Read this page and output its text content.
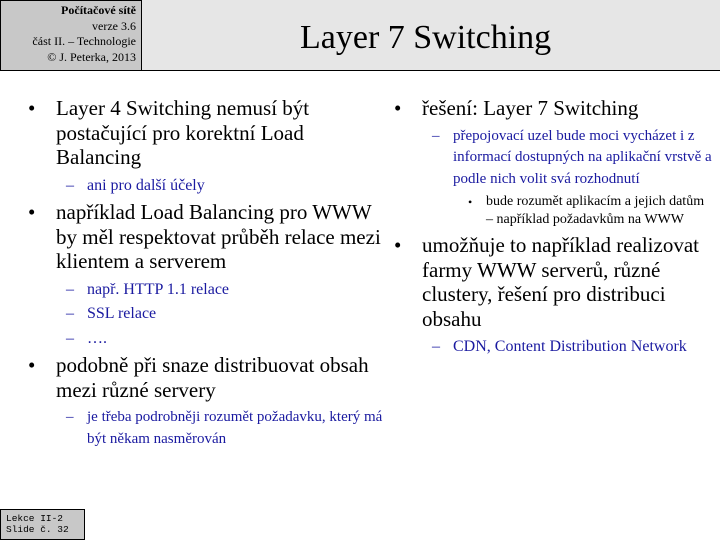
Počítačové sítě
verze 3.6
část II. – Technologie
© J. Peterka, 2013
Layer 7 Switching
• Layer 4 Switching nemusí být postačující pro korektní Load Balancing
– ani pro další účely
• například Load Balancing pro WWW by měl respektovat průběh relace mezi klientem a serverem
– např. HTTP 1.1 relace
– SSL relace
– ….
• podobně při snaze distribuovat obsah mezi různé servery
– je třeba podrobněji rozumět požadavku, který má být někam nasměrován
• řešení: Layer 7 Switching
– přepojovací uzel bude moci vycházet i z informací dostupných na aplikační vrstvě a podle nich volit svá rozhodnutí
• bude rozumět aplikacím a jejich datům – například požadavkům na WWW
• umožňuje to například realizovat farmy WWW serverů, různé clustery, řešení pro distribuci obsahu
– CDN, Content Distribution Network
Lekce II-2
Slide č. 32
